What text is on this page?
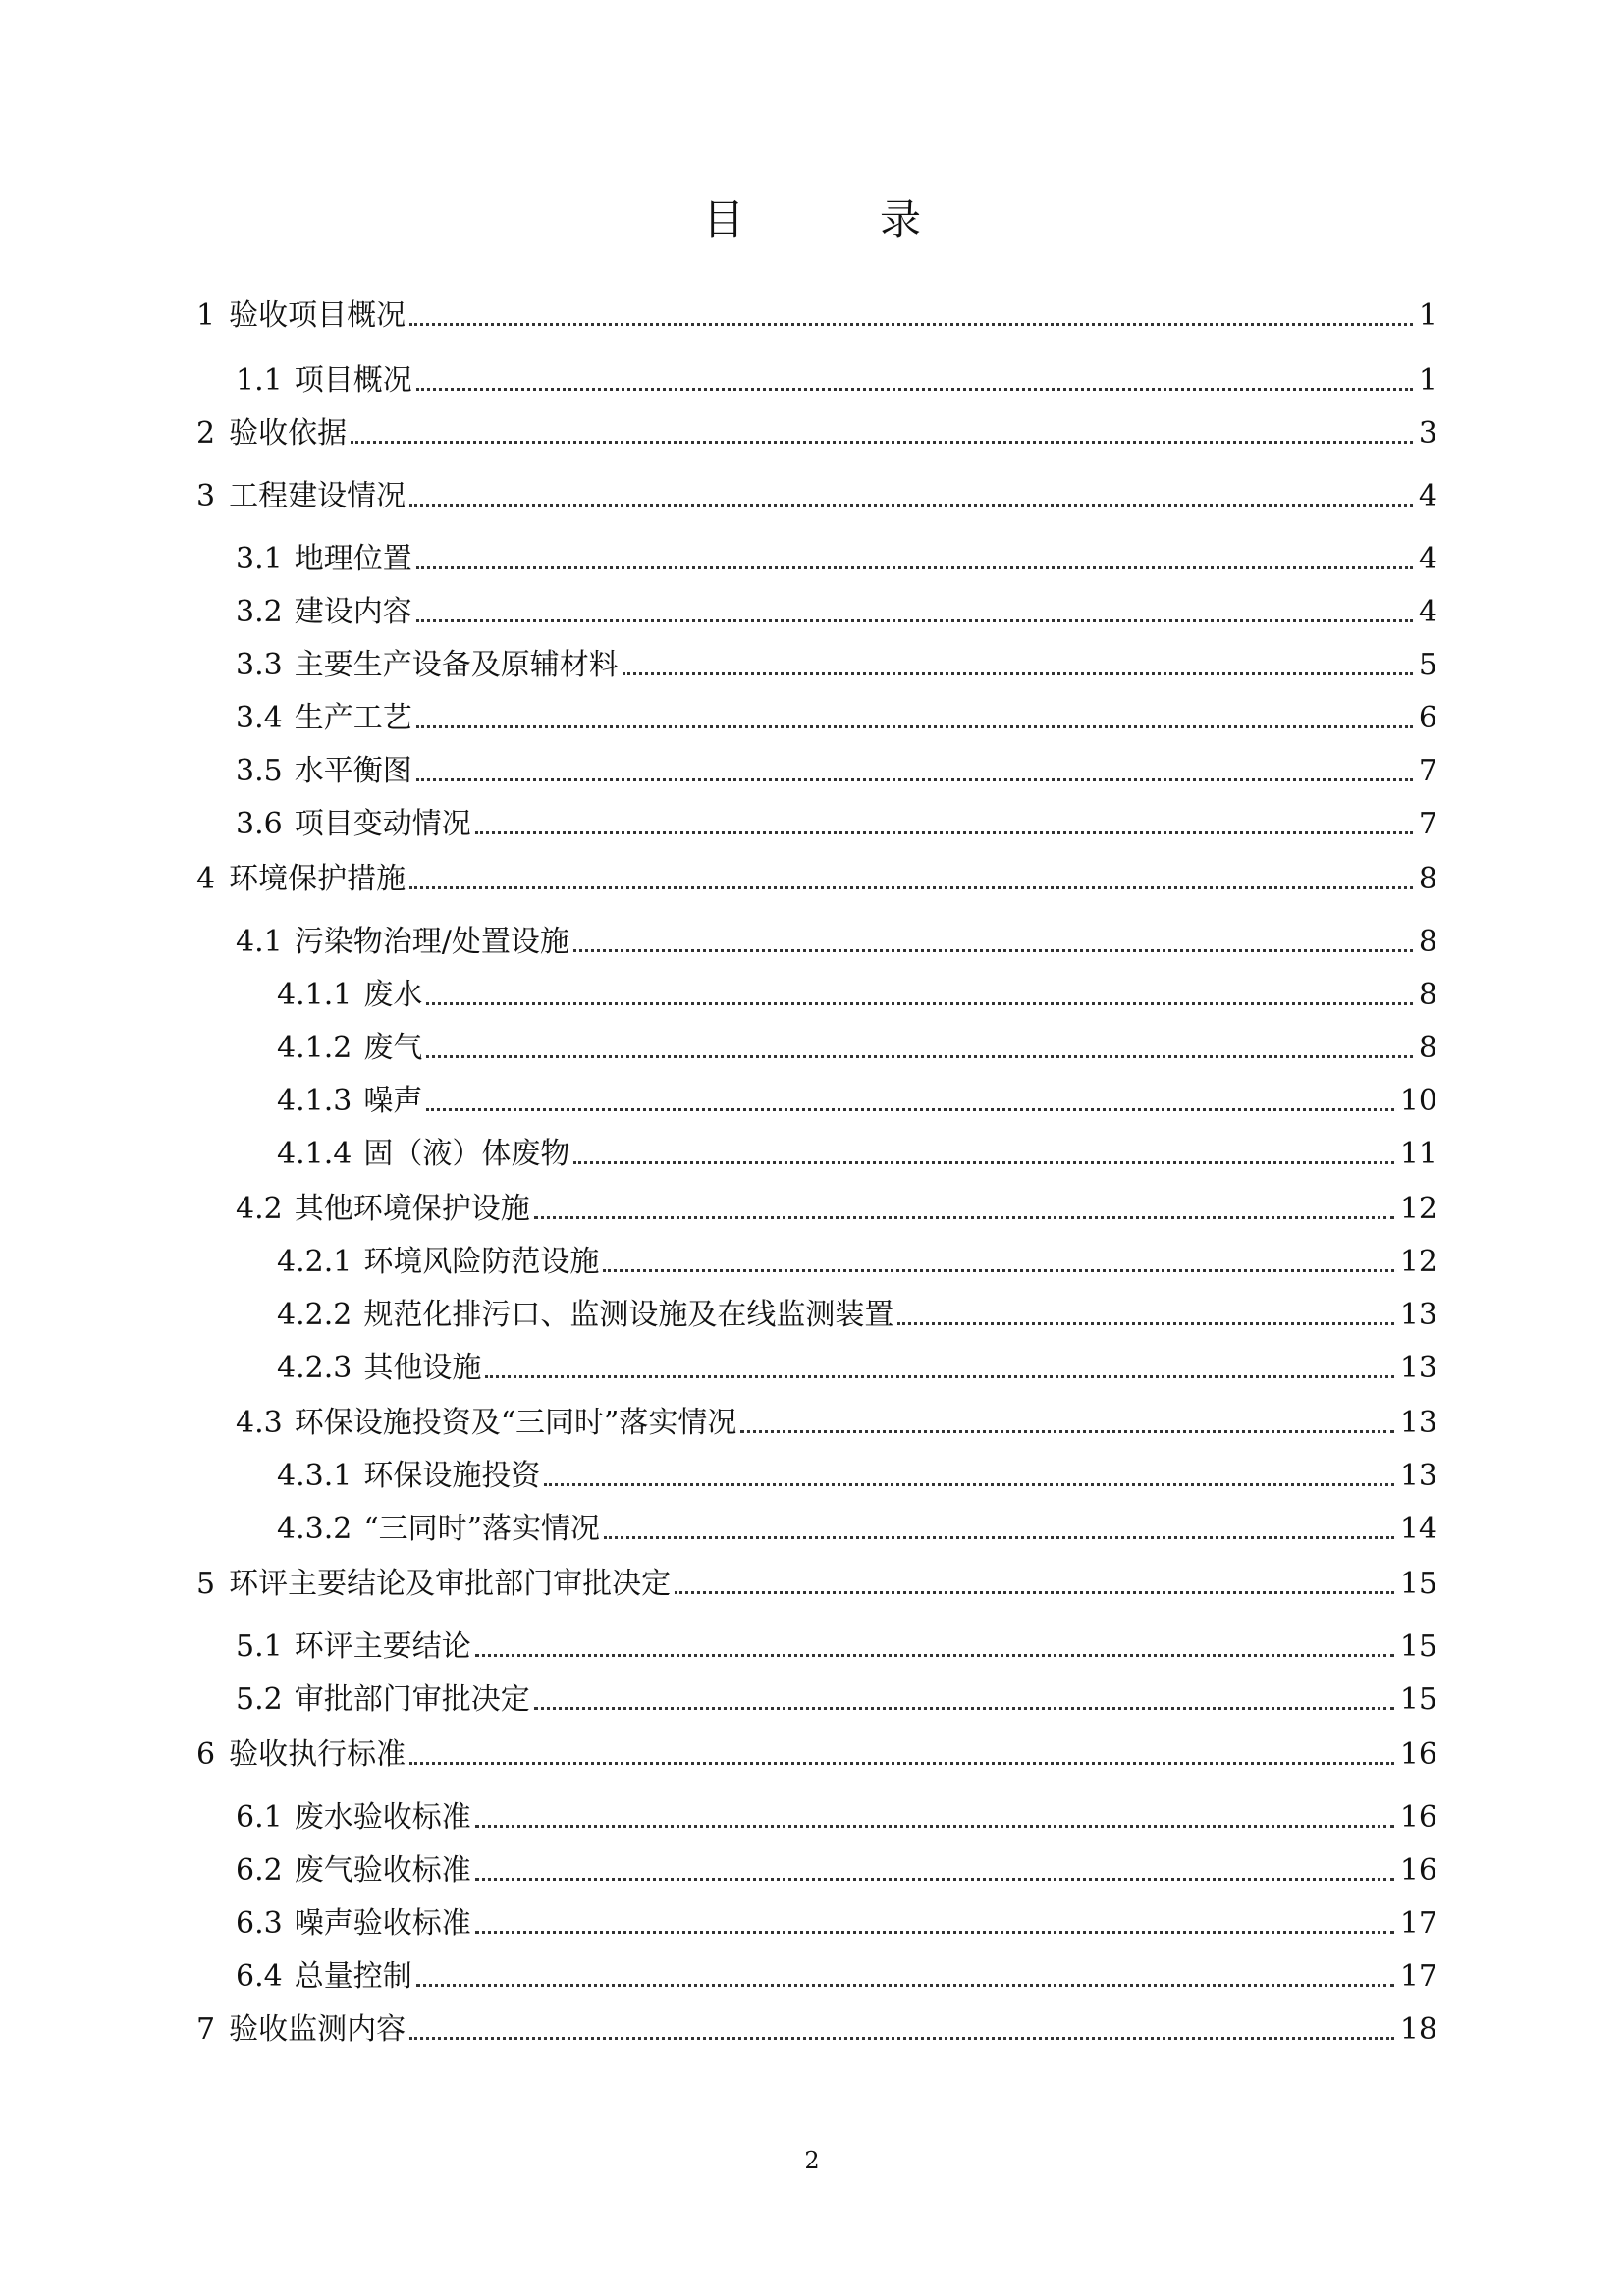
目　录
1 验收项目概况	1
1.1 项目概况	1
2 验收依据	3
3 工程建设情况	4
3.1 地理位置	4
3.2 建设内容	4
3.3 主要生产设备及原辅材料	5
3.4 生产工艺	6
3.5 水平衡图	7
3.6 项目变动情况	7
4 环境保护措施	8
4.1 污染物治理/处置设施	8
4.1.1 废水	8
4.1.2 废气	8
4.1.3 噪声	10
4.1.4 固（液）体废物	11
4.2 其他环境保护设施	12
4.2.1 环境风险防范设施	12
4.2.2 规范化排污口、监测设施及在线监测装置	13
4.2.3 其他设施	13
4.3 环保设施投资及“三同时”落实情况	13
4.3.1 环保设施投资	13
4.3.2 “三同时”落实情况	14
5 环评主要结论及审批部门审批决定	15
5.1 环评主要结论	15
5.2 审批部门审批决定	15
6 验收执行标准	16
6.1 废水验收标准	16
6.2 废气验收标准	16
6.3 噪声验收标准	17
6.4 总量控制	17
7 验收监测内容	18
2
